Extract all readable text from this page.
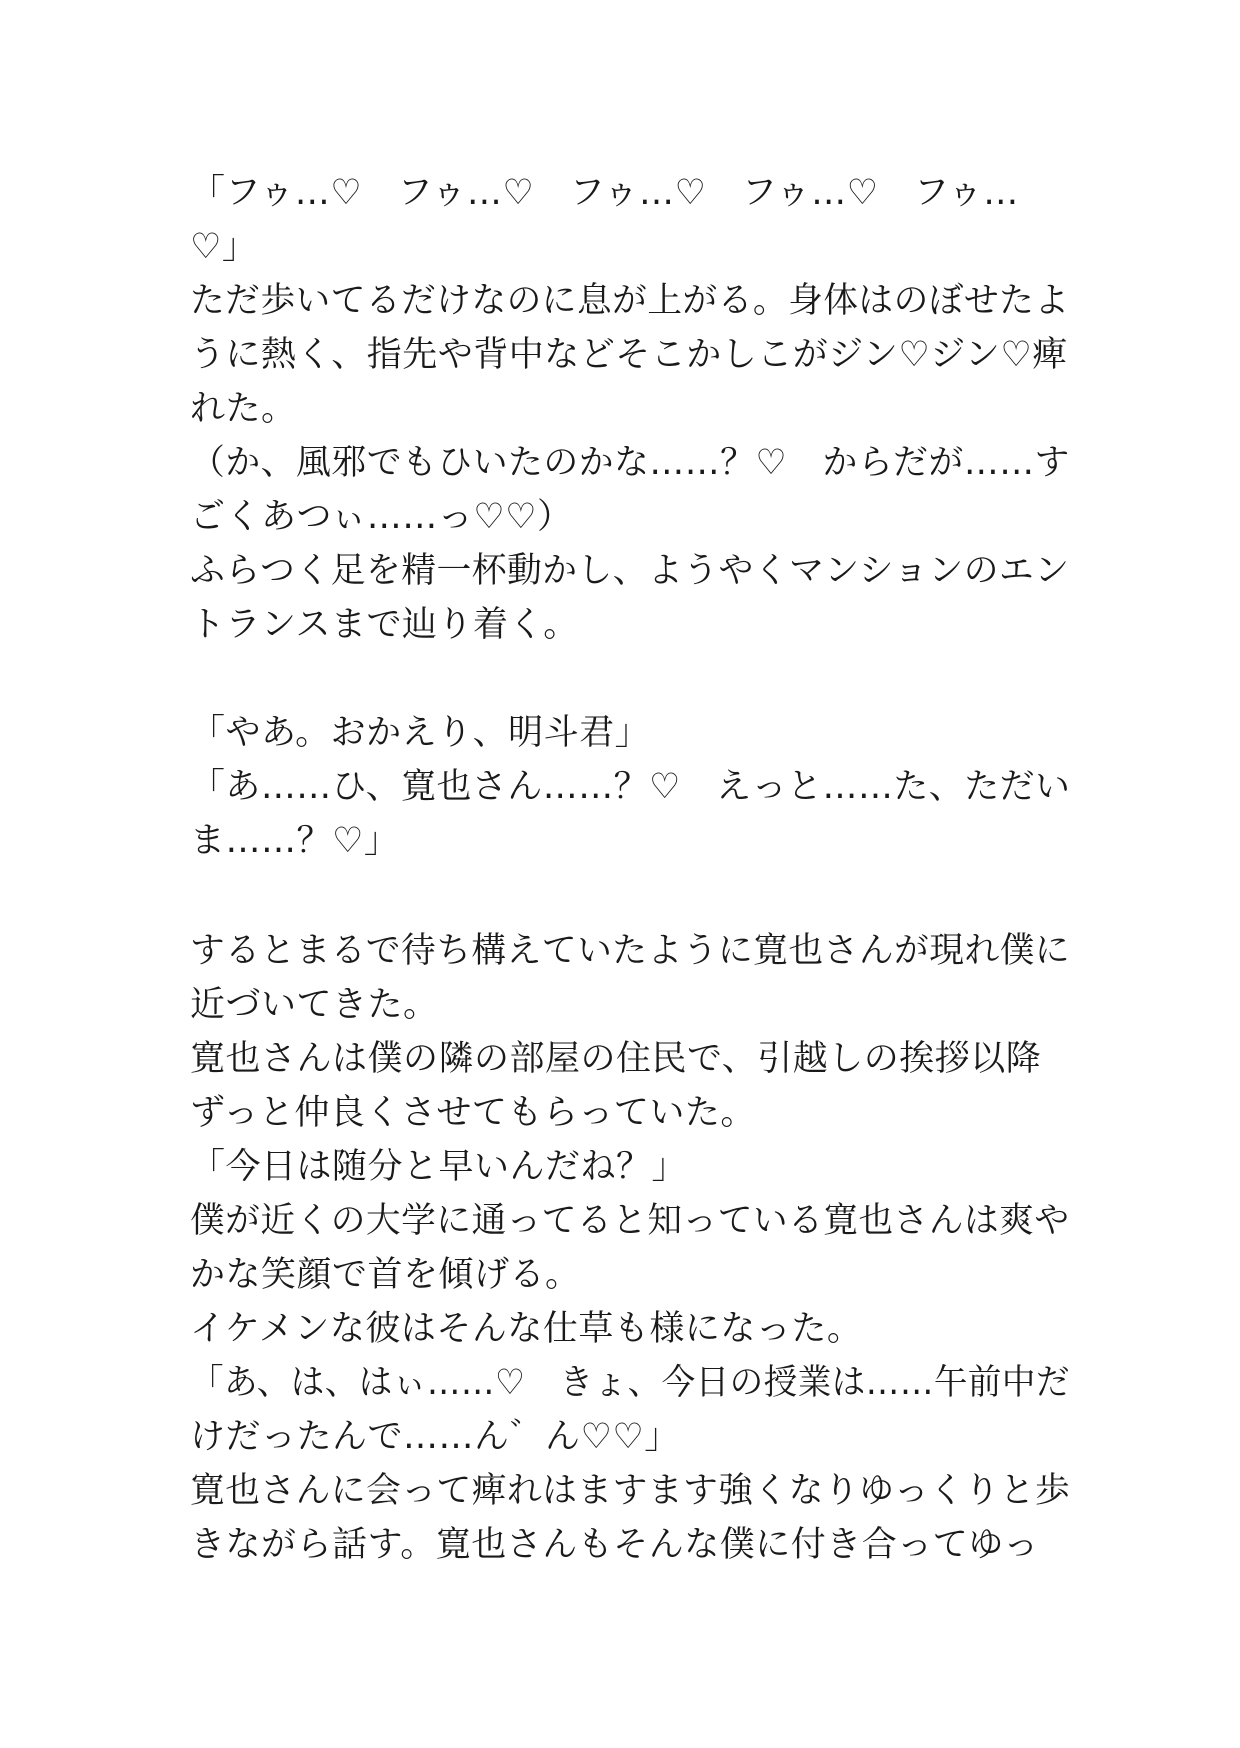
「フゥ…♡　フゥ…♡　フゥ…♡　フゥ…♡　フゥ…
♡」
ただ歩いてるだけなのに息が上がる。身体はのぼせたよ
うに熱く、指先や背中などそこかしこがジン♡ジン♡痺
れた。
（か、風邪でもひいたのかな……？♡　からだが……す
ごくあつぃ……っ♡♡）
ふらつく足を精一杯動かし、ようやくマンションのエン
トランスまで辿り着く。
「やあ。おかえり、明斗君」
「あ……ひ、寛也さん……？♡　えっと……た、ただい
ま……？♡」
するとまるで待ち構えていたように寛也さんが現れ僕に
近づいてきた。
寛也さんは僕の隣の部屋の住民で、引越しの挨拶以降
ずっと仲良くさせてもらっていた。
「今日は随分と早いんだね？」
僕が近くの大学に通ってると知っている寛也さんは爽や
かな笑顔で首を傾げる。
イケメンな彼はそんな仕草も様になった。
「あ、は、はぃ……♡　きょ、今日の授業は……午前中だ
けだったんで……ん゛ん♡♡」
寛也さんに会って痺れはますます強くなりゆっくりと歩
きながら話す。寛也さんもそんな僕に付き合ってゆっ
